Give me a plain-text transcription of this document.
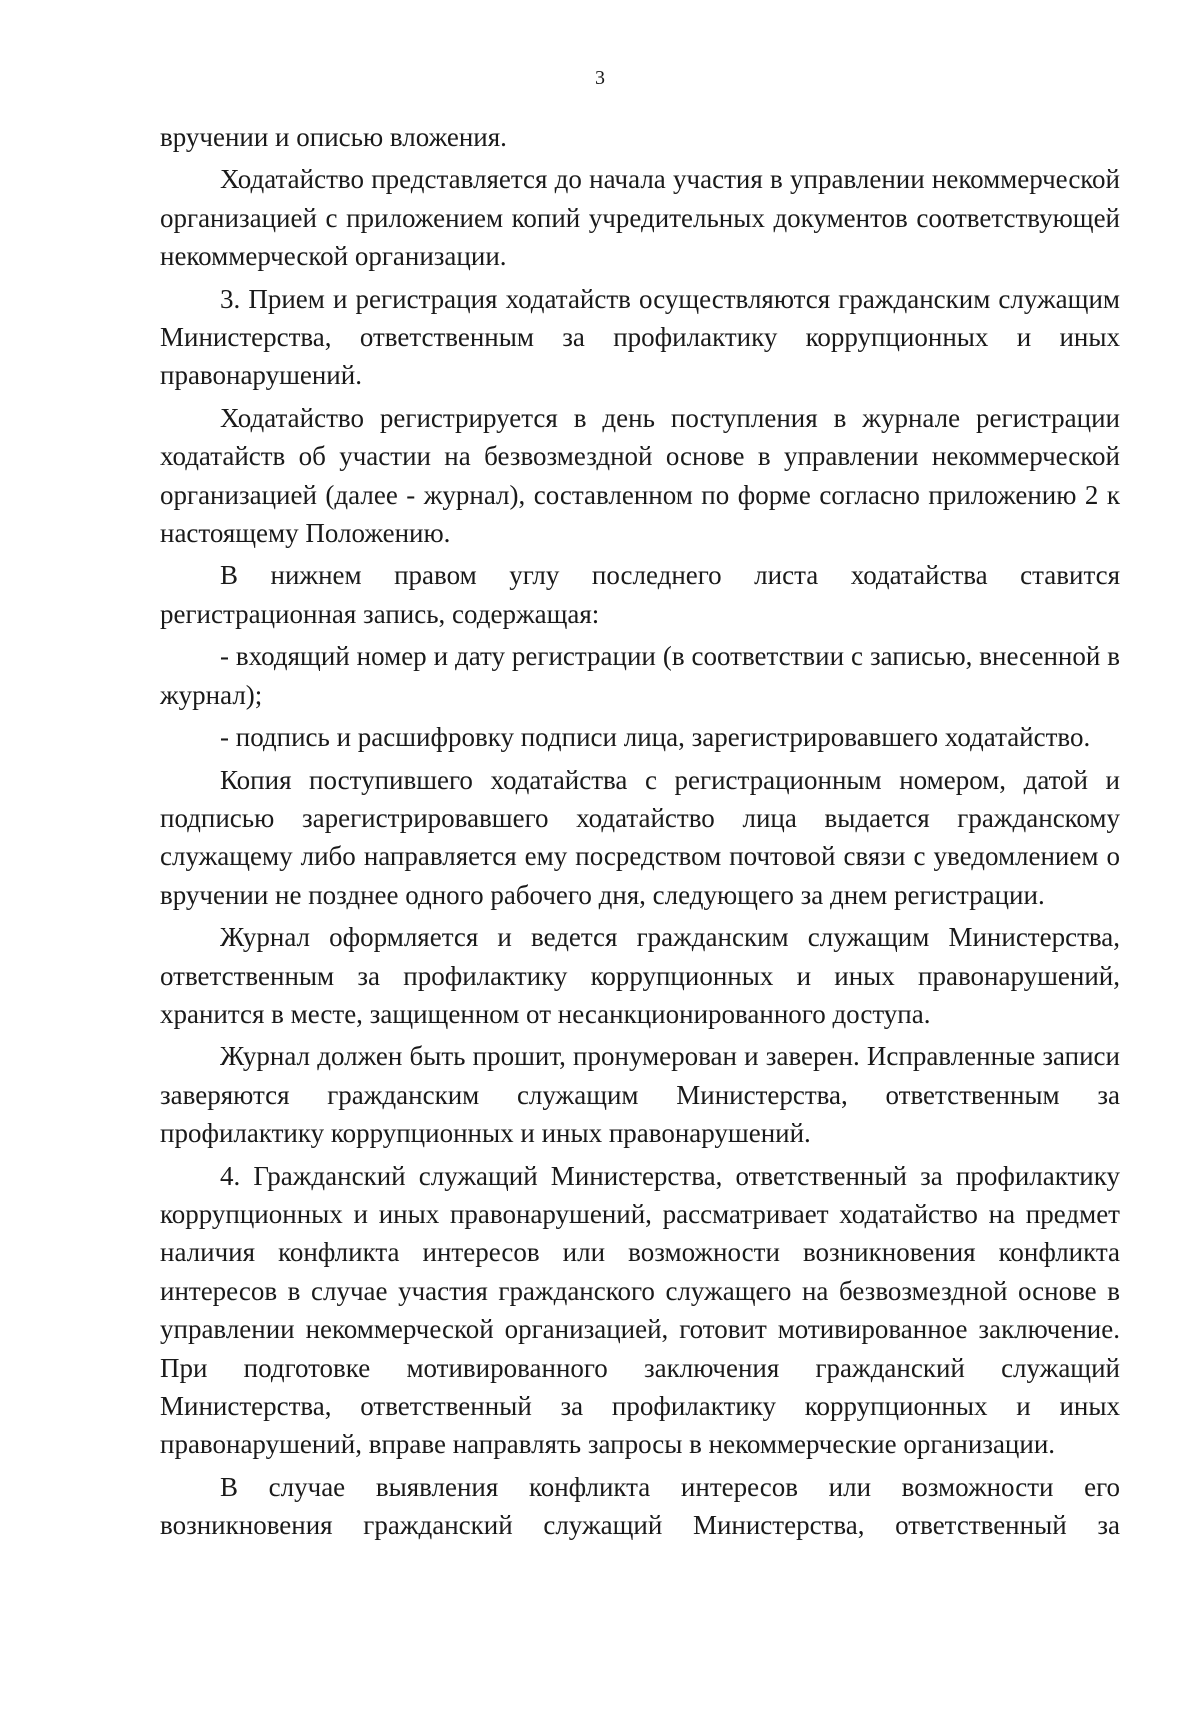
3

вручении и описью вложения.

Ходатайство представляется до начала участия в управлении некоммерческой организацией с приложением копий учредительных документов соответствующей некоммерческой организации.

3. Прием и регистрация ходатайств осуществляются гражданским служащим Министерства, ответственным за профилактику коррупционных и иных правонарушений.

Ходатайство регистрируется в день поступления в журнале регистрации ходатайств об участии на безвозмездной основе в управлении некоммерческой организацией (далее - журнал), составленном по форме согласно приложению 2 к настоящему Положению.

В нижнем правом углу последнего листа ходатайства ставится регистрационная запись, содержащая:

- входящий номер и дату регистрации (в соответствии с записью, внесенной в журнал);

- подпись и расшифровку подписи лица, зарегистрировавшего ходатайство.

Копия поступившего ходатайства с регистрационным номером, датой и подписью зарегистрировавшего ходатайство лица выдается гражданскому служащему либо направляется ему посредством почтовой связи с уведомлением о вручении не позднее одного рабочего дня, следующего за днем регистрации.

Журнал оформляется и ведется гражданским служащим Министерства, ответственным за профилактику коррупционных и иных правонарушений, хранится в месте, защищенном от несанкционированного доступа.

Журнал должен быть прошит, пронумерован и заверен. Исправленные записи заверяются гражданским служащим Министерства, ответственным за профилактику коррупционных и иных правонарушений.

4. Гражданский служащий Министерства, ответственный за профилактику коррупционных и иных правонарушений, рассматривает ходатайство на предмет наличия конфликта интересов или возможности возникновения конфликта интересов в случае участия гражданского служащего на безвозмездной основе в управлении некоммерческой организацией, готовит мотивированное заключение. При подготовке мотивированного заключения гражданский служащий Министерства, ответственный за профилактику коррупционных и иных правонарушений, вправе направлять запросы в некоммерческие организации.

В случае выявления конфликта интересов или возможности его возникновения гражданский служащий Министерства, ответственный за
